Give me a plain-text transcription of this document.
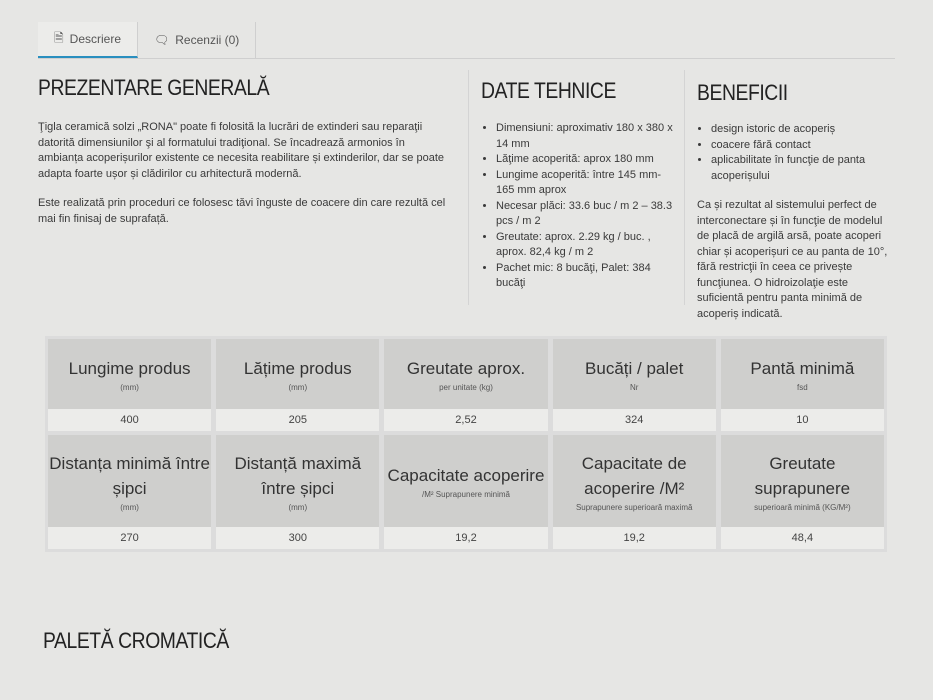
🗎 Descriere	🗨 Recenzii (0)
PREZENTARE GENERALĂ

Ţigla ceramică solzi „RONA" poate fi folosită la lucrări de extinderi sau reparaţii datorită dimensiunilor şi al formatului tradiţional. Se încadrează armonios în ambianța acoperișurilor existente ce necesita reabilitare și extinderilor, dar se poate adapta foarte ușor și clădirilor cu arhitectură modernă.

Este realizată prin proceduri ce folosesc tăvi înguste de coacere din care rezultă cel mai fin finisaj de suprafață.

DATE TEHNICE
• Dimensiuni: aproximativ 180 x 380 x 14 mm
• Lăţime acoperită: aprox 180 mm
• Lungime acoperită: între 145 mm-165 mm aprox
• Necesar plăci: 33.6 buc / m 2 – 38.3 pcs / m 2
• Greutate: aprox. 2.29 kg / buc. , aprox. 82,4 kg / m 2
• Pachet mic: 8 bucăţi, Palet: 384 bucăţi
BENEFICII
• design istoric de acoperiș
• coacere fără contact
• aplicabilitate în funcţie de panta acoperișului

Ca și rezultat al sistemului perfect de interconectare și în funcţie de modelul de placă de argilă arsă, poate acoperi chiar și acoperișuri ce au panta de 10°, fără restricţii în ceea ce privește funcţiunea. O hidroizolaţie este suficientă pentru panta minimă de acoperiș indicată.

Lungime produs
(mm)
400
Lățime produs
(mm)
205
Greutate aprox.
per unitate (kg)
2,52
Bucăți / palet
Nr
324
Pantă minimă
fsd
10
Distanța minimă între șipci
(mm)
270
Distanță maximă între șipci
(mm)
300
Capacitate acoperire
/M² Suprapunere minimă
19,2
Capacitate de acoperire /M²
Suprapunere superioară maximă
19,2
Greutate suprapunere
superioară minimă (KG/M²)
48,4
PALETĂ CROMATICĂ
